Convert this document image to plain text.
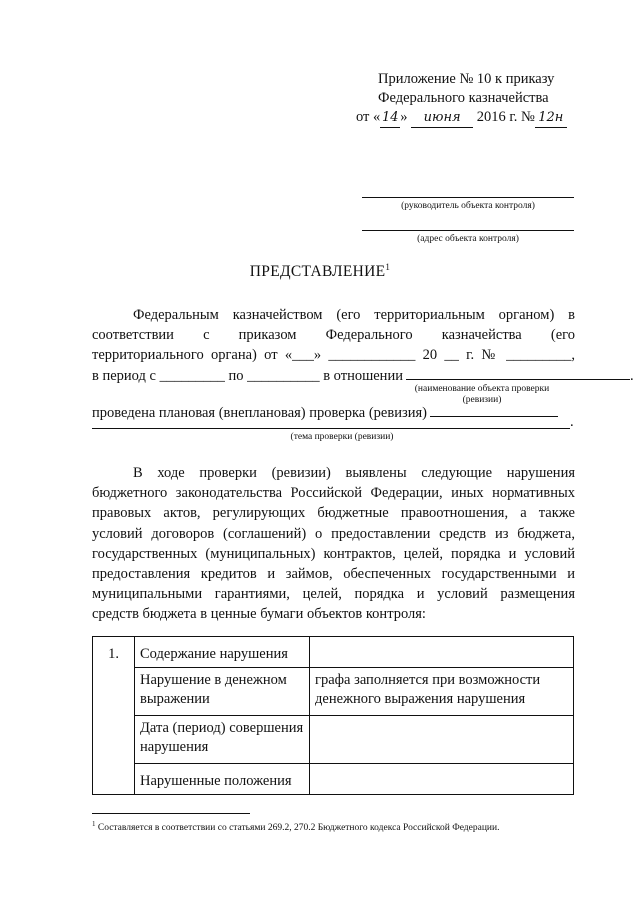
Приложение № 10 к приказу
Федерального казначейства
от « 14 » июня 2016 г. № 12н
(руководитель объекта контроля)
(адрес объекта контроля)
ПРЕДСТАВЛЕНИЕ$^1$
Федеральным казначейством (его территориальным органом) в
соответствии с приказом Федерального казначейства (его
территориального органа) от «___» ____________ 20 __ г. № _________,
в период с _________ по __________ в отношении	.
(наименование объекта проверки
(ревизии)
проведена плановая (внеплановая) проверка (ревизия)
.
(тема проверки (ревизии)
В ходе проверки (ревизии) выявлены следующие нарушения
бюджетного законодательства Российской Федерации, иных нормативных
правовых актов, регулирующих бюджетные правоотношения, а также
условий договоров (соглашений) о предоставлении средств из бюджета,
государственных (муниципальных) контрактов, целей, порядка и условий
предоставления кредитов и займов, обеспеченных государственными и
муниципальными гарантиями, целей, порядка и условий размещения
средств бюджета в ценные бумаги объектов контроля:
1.	Содержание нарушения	
	Нарушение в денежном выражении	графа заполняется при возможности денежного выражения нарушения
	Дата (период) совершения нарушения	
	Нарушенные положения	
$^1$ Составляется в соответствии со статьями 269.2, 270.2 Бюджетного кодекса Российской Федерации.
